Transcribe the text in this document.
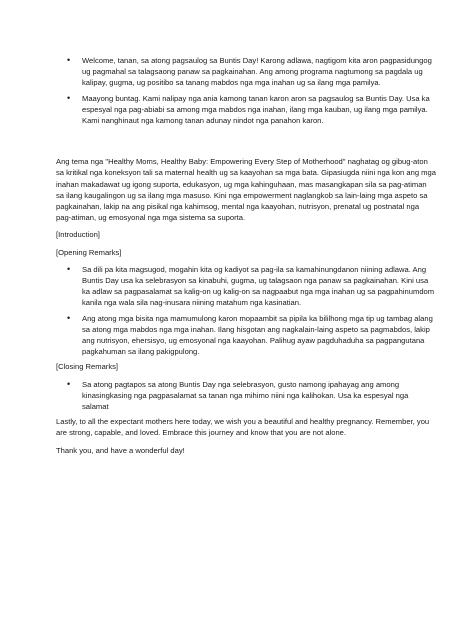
• Welcome, tanan, sa atong pagsaulog sa Buntis Day! Karong adlawa, nagtigom kita aron pagpasidungog ug pagmahal sa talagsaong panaw sa pagkainahan. Ang among programa nagtumong sa pagdala ug kalipay, gugma, ug positibo sa tanang mabdos nga mga inahan ug sa ilang mga pamilya.
• Maayong buntag. Kami nalipay nga ania kamong tanan karon aron sa pagsaulog sa Buntis Day. Usa ka espesyal nga pag-abiabi sa among mga mabdos nga inahan, ilang mga kauban, ug ilang mga pamilya. Kami nanghinaut nga kamong tanan adunay nindot nga panahon karon.

Ang tema nga "Healthy Moms, Healthy Baby: Empowering Every Step of Motherhood" naghatag og gibug-aton sa kritikal nga koneksyon tali sa maternal health ug sa kaayohan sa mga bata. Gipasiugda niini nga kon ang mga inahan makadawat ug igong suporta, edukasyon, ug mga kahinguhaan, mas masangkapan sila sa pag-atiman sa ilang kaugalingon ug sa ilang mga masuso. Kini nga empowerment naglangkob sa lain-laing mga aspeto sa pagkainahan, lakip na ang pisikal nga kahimsog, mental nga kaayohan, nutrisyon, prenatal ug postnatal nga pag-atiman, ug emosyonal nga mga sistema sa suporta.

[Introduction]

[Opening Remarks]

• Sa dili pa kita magsugod, mogahin kita og kadiyot sa pag-ila sa kamahinungdanon niining adlawa. Ang Buntis Day usa ka selebrasyon sa kinabuhi, gugma, ug talagsaon nga panaw sa pagkainahan. Kini usa ka adlaw sa pagpasalamat sa kalig-on ug kalig-on sa nagpaabut nga mga inahan ug sa pagpahinumdom kanila nga wala sila nag-inusara niining matahum nga kasinatian.
• Ang atong mga bisita nga mamumulong karon mopaambit sa pipila ka bililhong mga tip ug tambag alang sa atong mga mabdos nga mga inahan. Ilang hisgotan ang nagkalain-laing aspeto sa pagmabdos, lakip ang nutrisyon, ehersisyo, ug emosyonal nga kaayohan. Palihug ayaw pagduhaduha sa pagpangutana pagkahuman sa ilang pakigpulong.

[Closing Remarks]

• Sa atong pagtapos sa atong Buntis Day nga selebrasyon, gusto namong ipahayag ang among kinasingkasing nga pagpasalamat sa tanan nga mihimo niini nga kalihokan. Usa ka espesyal nga salamat

Lastly, to all the expectant mothers here today, we wish you a beautiful and healthy pregnancy. Remember, you are strong, capable, and loved. Embrace this journey and know that you are not alone.

Thank you, and have a wonderful day!
